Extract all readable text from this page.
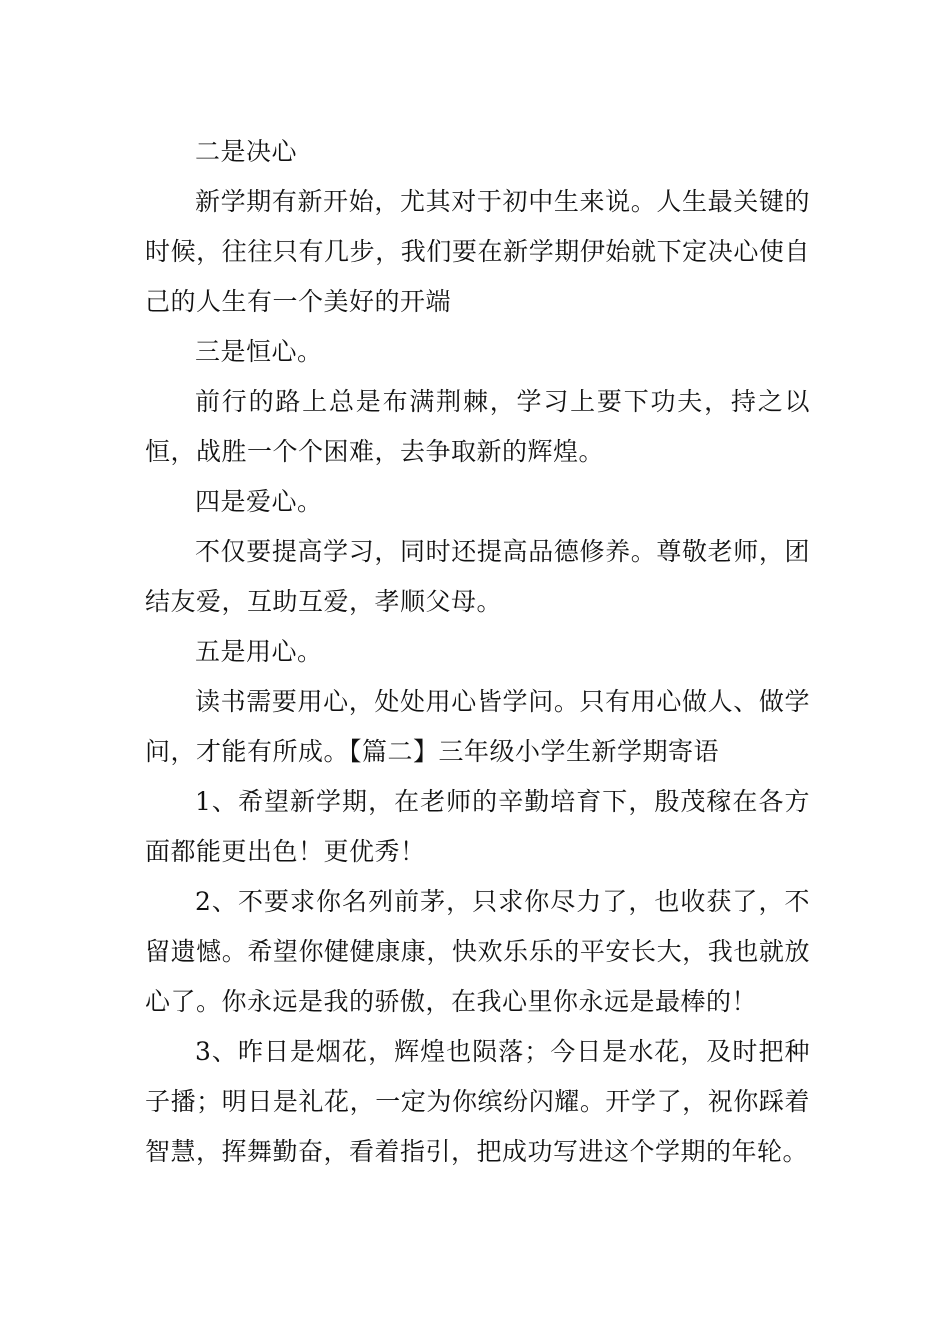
二是决心

新学期有新开始，尤其对于初中生来说。人生最关键的时候，往往只有几步，我们要在新学期伊始就下定决心使自己的人生有一个美好的开端

三是恒心。

前行的路上总是布满荆棘，学习上要下功夫，持之以恒，战胜一个个困难，去争取新的辉煌。

四是爱心。

不仅要提高学习，同时还提高品德修养。尊敬老师，团结友爱，互助互爱，孝顺父母。

五是用心。

读书需要用心，处处用心皆学问。只有用心做人、做学问，才能有所成。【篇二】三年级小学生新学期寄语

1、希望新学期，在老师的辛勤培育下，殷茂稼在各方面都能更出色！更优秀！

2、不要求你名列前茅，只求你尽力了，也收获了，不留遗憾。希望你健健康康，快欢乐乐的平安长大，我也就放心了。你永远是我的骄傲，在我心里你永远是最棒的！

3、昨日是烟花，辉煌也陨落；今日是水花，及时把种子播；明日是礼花，一定为你缤纷闪耀。开学了，祝你踩着智慧，挥舞勤奋，看着指引，把成功写进这个学期的年轮。
